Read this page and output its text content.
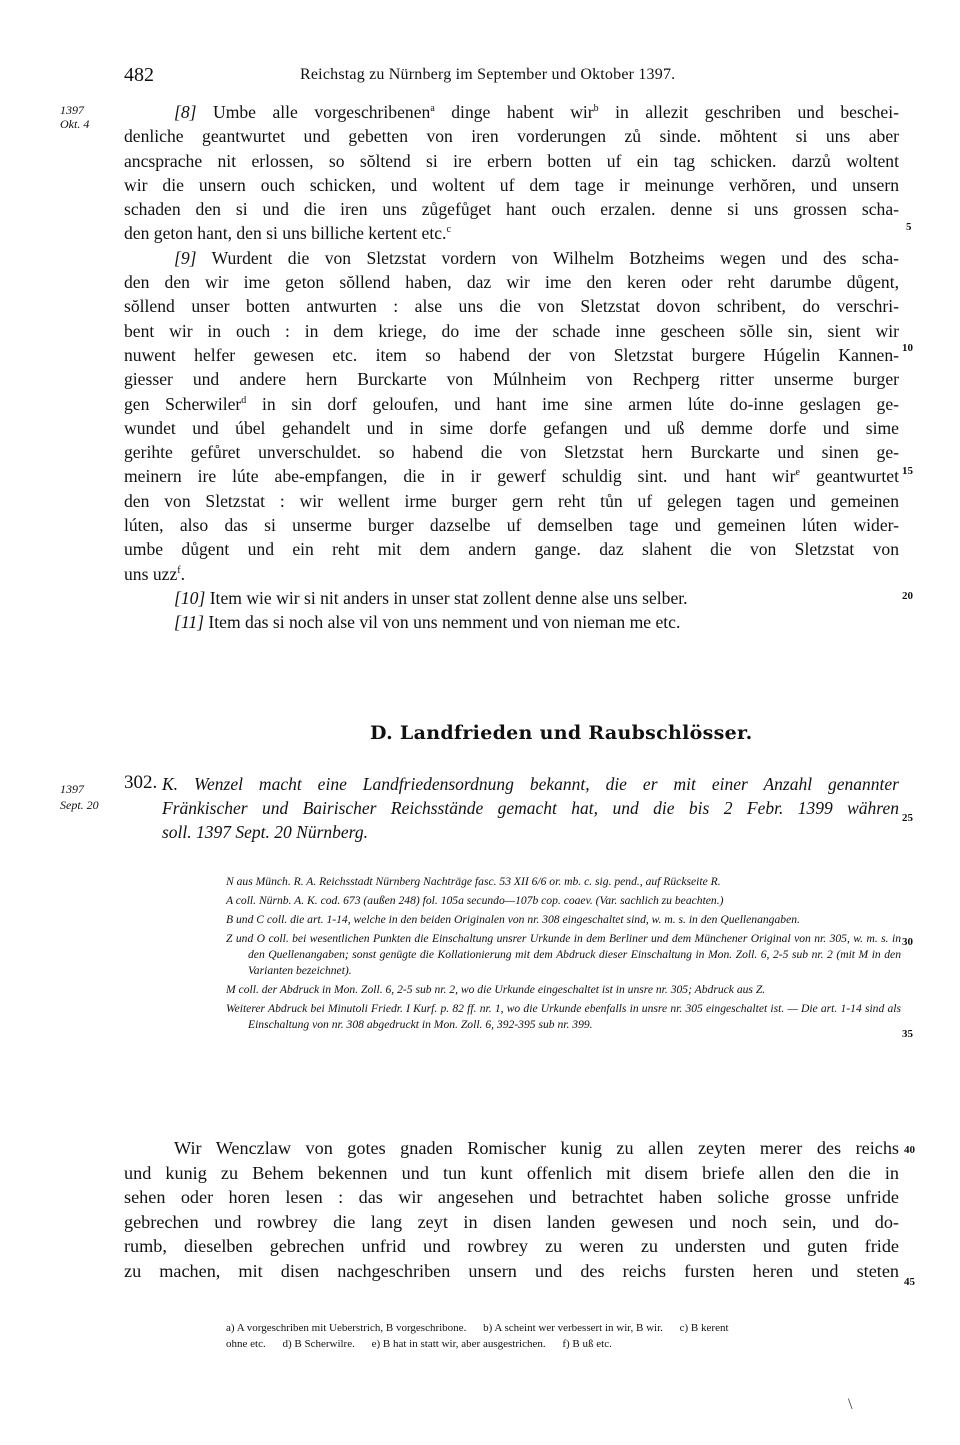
482	Reichstag zu Nürnberg im September und Oktober 1397.
1397
Okt. 4
1397
Sept. 20
5
10
15
20
25
30
35
40
45
[8] Umbe alle vorgeschribenen$^a$ dinge habent wir$^b$ in allezit geschriben und beschei-
denliche geantwurtet und gebetten von iren vorderungen zů sinde. mŏhtent si uns aber
ancsprache nit erlossen, so sŏltend si ire erbern botten uf ein tag schicken. darzů woltent
wir die unsern ouch schicken, und woltent uf dem tage ir meinunge verhŏren, und unsern
schaden den si und die iren uns zůgefůget hant ouch erzalen. denne si uns grossen scha-
den geton hant, den si uns billiche kertent etc.$^c$
[9] Wurdent die von Sletzstat vordern von Wilhelm Botzheims wegen und des scha-
den den wir ime geton sŏllend haben, daz wir ime den keren oder reht darumbe důgent,
sŏllend unser botten antwurten : alse uns die von Sletzstat dovon schribent, do verschri-
bent wir in ouch : in dem kriege, do ime der schade inne gescheen sŏlle sin, sient wir
nuwent helfer gewesen etc. item so habend der von Sletzstat burgere Húgelin Kannen-
giesser und andere hern Burckarte von Múlnheim von Rechperg ritter unserme burger
gen Scherwiler$^d$ in sin dorf geloufen, und hant ime sine armen lúte do-inne geslagen ge-
wundet und úbel gehandelt und in sime dorfe gefangen und uß demme dorfe und sime
gerihte gefůret unverschuldet. so habend die von Sletzstat hern Burckarte und sinen ge-
meinern ire lúte abe-empfangen, die in ir gewerf schuldig sint. und hant wir$^e$ geantwurtet
den von Sletzstat : wir wellent irme burger gern reht tůn uf gelegen tagen und gemeinen
lúten, also das si unserme burger dazselbe uf demselben tage und gemeinen lúten wider-
umbe důgent und ein reht mit dem andern gange. daz slahent die von Sletzstat von
uns uzz$^f$.
[10] Item wie wir si nit anders in unser stat zollent denne alse uns selber.
[11] Item das si noch alse vil von uns nemment und von nieman me etc.
D. Landfrieden und Raubschlösser.
302. K. Wenzel macht eine Landfriedensordnung bekannt, die er mit einer Anzahl genannter
Fränkischer und Bairischer Reichsstände gemacht hat, und die bis 2 Febr. 1399 währen
soll. 1397 Sept. 20 Nürnberg.
N aus Münch. R. A. Reichsstadt Nürnberg Nachträge fasc. 53 XII 6/6 or. mb. c. sig. pend., auf Rückseite R.
A coll. Nürnb. A. K. cod. 673 (außen 248) fol. 105a secundo—107b cop. coaev. (Var. sachlich zu beachten.)
B und C coll. die art. 1-14, welche in den beiden Originalen von nr. 308 eingeschaltet sind, w. m. s. in den Quellenangaben.
Z und O coll. bei wesentlichen Punkten die Einschaltung unsrer Urkunde in dem Berliner und dem Münchener Original von nr. 305, w. m. s. in den Quellenangaben; sonst genügte die Kollationierung mit dem Abdruck dieser Einschaltung in Mon. Zoll. 6, 2-5 sub nr. 2 (mit M in den Varianten bezeichnet).
M coll. der Abdruck in Mon. Zoll. 6, 2-5 sub nr. 2, wo die Urkunde eingeschaltet ist in unsre nr. 305; Abdruck aus Z.
Weiterer Abdruck bei Minutoli Friedr. I Kurf. p. 82 ff. nr. 1, wo die Urkunde ebenfalls in unsre nr. 305 eingeschaltet ist. — Die art. 1-14 sind als Einschaltung von nr. 308 abgedruckt in Mon. Zoll. 6, 392-395 sub nr. 399.
Wir Wenczlaw von gotes gnaden Romischer kunig zu allen zeyten merer des reichs
und kunig zu Behem bekennen und tun kunt offenlich mit disem briefe allen den die in
sehen oder horen lesen : das wir angesehen und betrachtet haben soliche grosse unfride
gebrechen und rowbrey die lang zeyt in disen landen gewesen und noch sein, und do-
rumb, dieselben gebrechen unfrid und rowbrey zu weren zu understen und guten fride
zu machen, mit disen nachgeschriben unsern und des reichs fursten heren und steten
a) A vorgeschriben mit Ueberstrich, B vorgeschribone. b) A scheint wer verbessert in wir, B wir. c) B kerent
ohne etc. d) B Scherwilre. e) B hat in statt wir, aber ausgestrichen. f) B uß etc.
\
